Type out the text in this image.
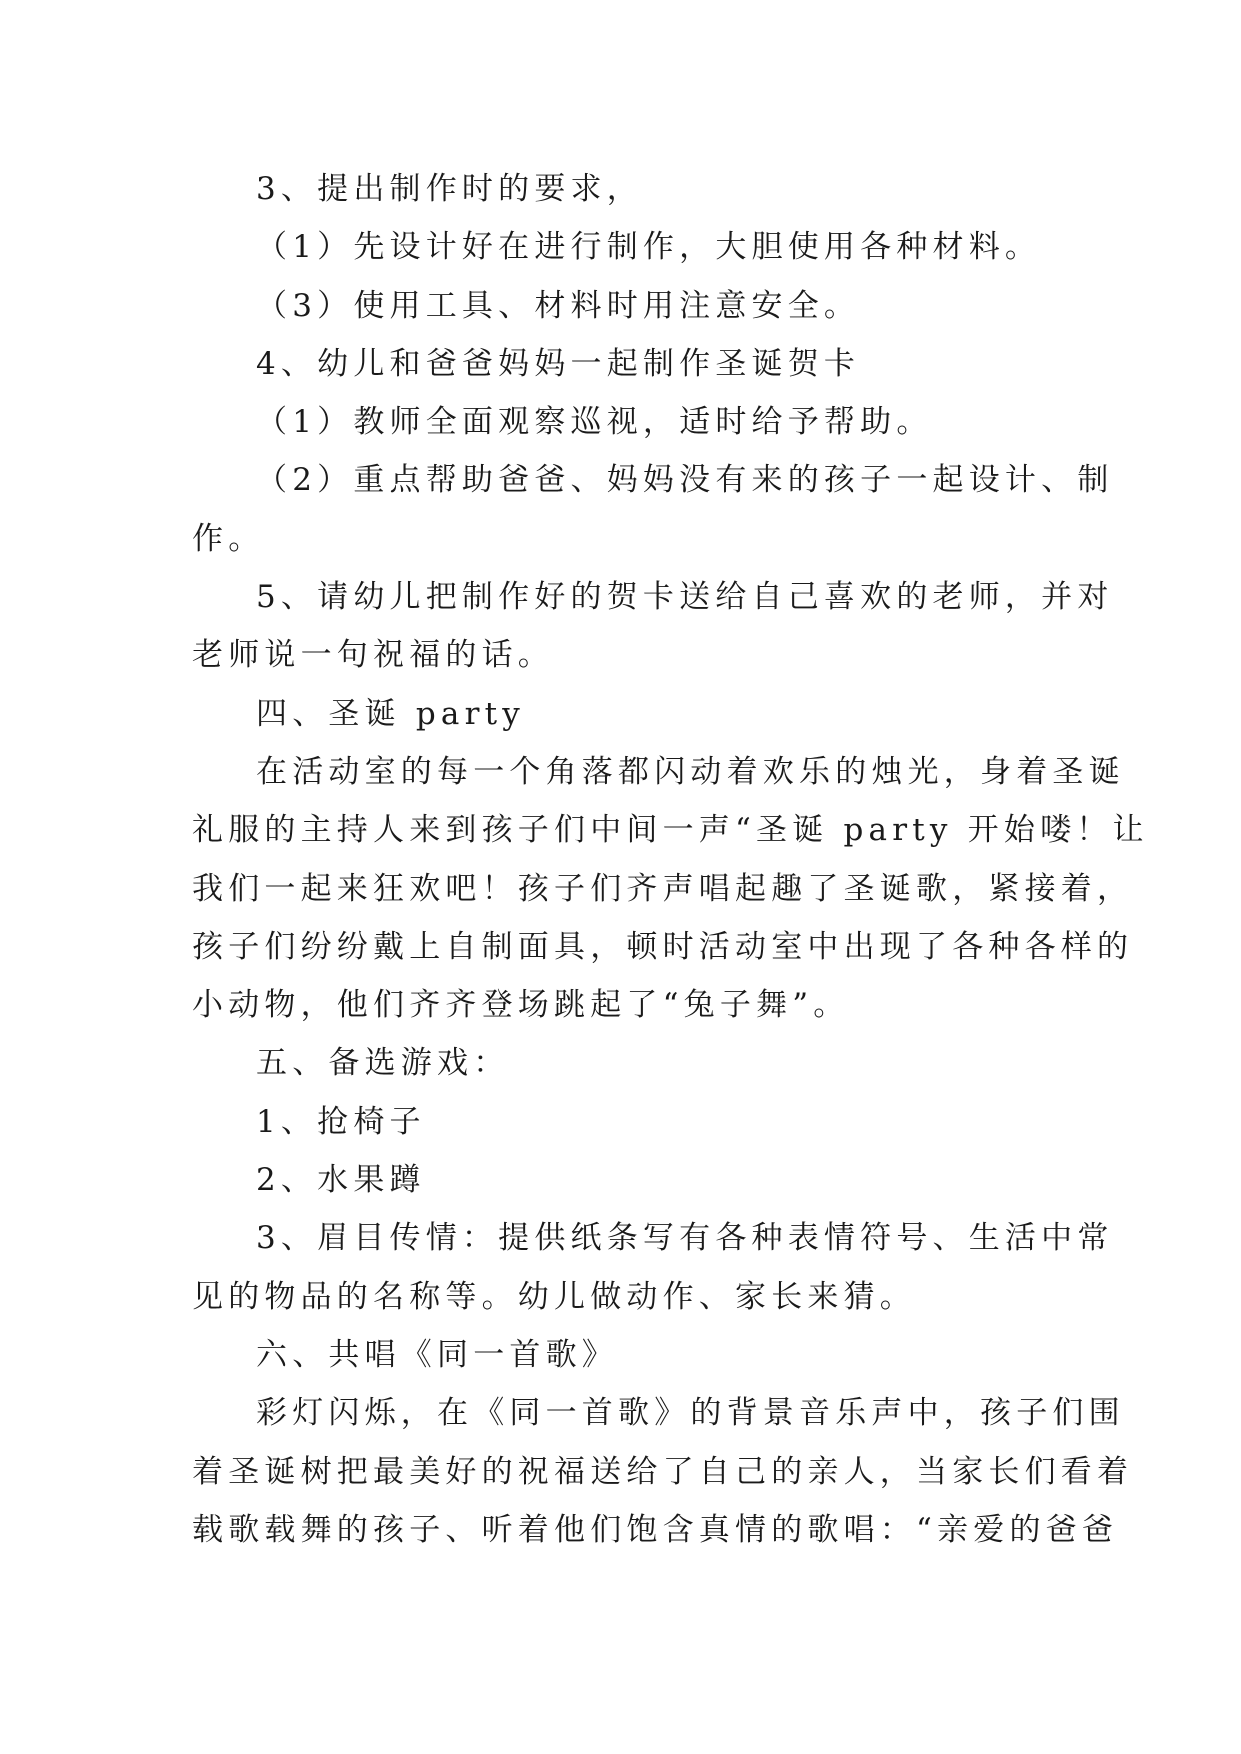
3、提出制作时的要求，
（1）先设计好在进行制作，大胆使用各种材料。
（3）使用工具、材料时用注意安全。
4、幼儿和爸爸妈妈一起制作圣诞贺卡
（1）教师全面观察巡视，适时给予帮助。
（2）重点帮助爸爸、妈妈没有来的孩子一起设计、制
作。
5、请幼儿把制作好的贺卡送给自己喜欢的老师，并对
老师说一句祝福的话。
四、圣诞 party
在活动室的每一个角落都闪动着欢乐的烛光，身着圣诞
礼服的主持人来到孩子们中间一声“圣诞 party 开始喽！让
我们一起来狂欢吧！孩子们齐声唱起趣了圣诞歌，紧接着，
孩子们纷纷戴上自制面具，顿时活动室中出现了各种各样的
小动物，他们齐齐登场跳起了“兔子舞”。
五、备选游戏：
1、抢椅子
2、水果蹲
3、眉目传情：提供纸条写有各种表情符号、生活中常
见的物品的名称等。幼儿做动作、家长来猜。
六、共唱《同一首歌》
彩灯闪烁，在《同一首歌》的背景音乐声中，孩子们围
着圣诞树把最美好的祝福送给了自己的亲人，当家长们看着
载歌载舞的孩子、听着他们饱含真情的歌唱：“亲爱的爸爸
